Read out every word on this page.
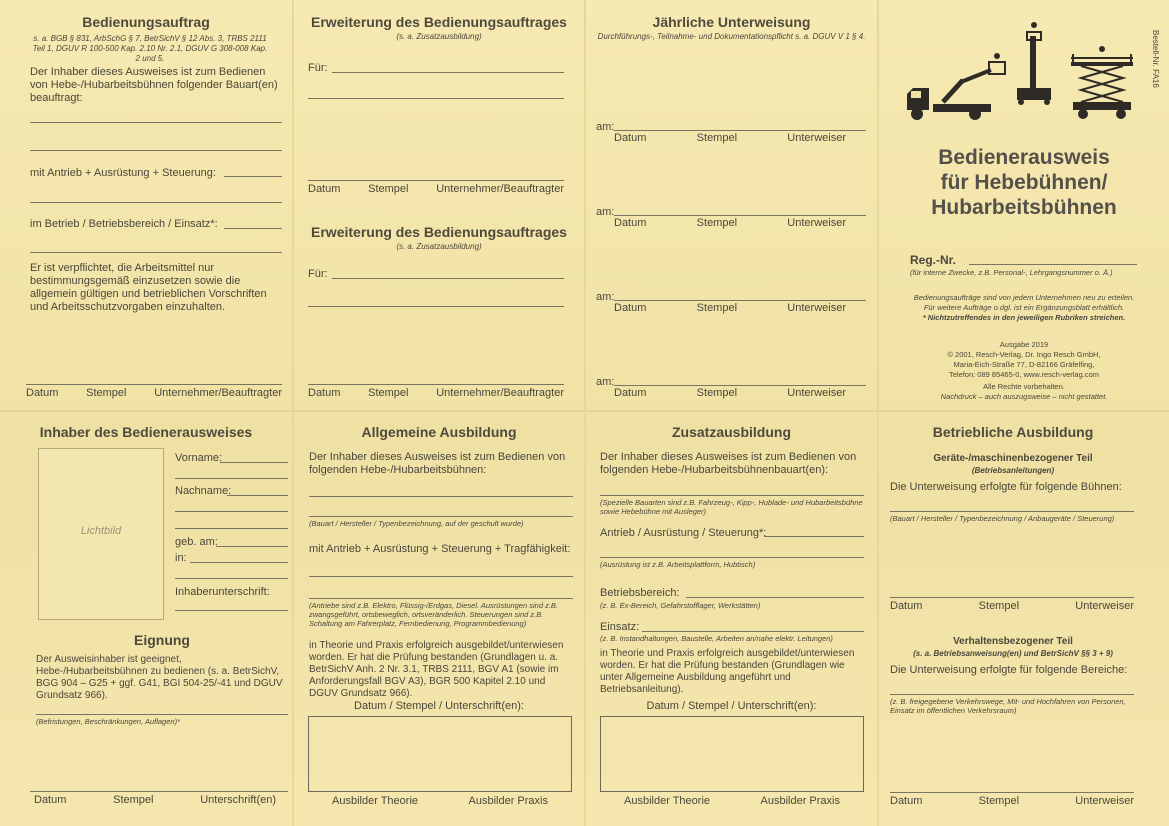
Bedienungsauftrag
s. a. BGB § 831, ArbSchG § 7, BetrSichV § 12 Abs. 3, TRBS 2111 Teil 1, DGUV R 100-500 Kap. 2.10 Nr. 2.1, DGUV G 308-008 Kap. 2 und 5.
Der Inhaber dieses Ausweises ist zum Bedienen von Hebe-/Hubarbeitsbühnen folgender Bauart(en) beauftragt:
mit Antrieb + Ausrüstung + Steuerung:
im Betrieb / Betriebsbereich / Einsatz*:
Er ist verpflichtet, die Arbeitsmittel nur bestimmungsgemäß einzusetzen sowie die allgemein gültigen und betrieblichen Vorschriften und Arbeitsschutzvorgaben einzuhalten.
Datum	Stempel	Unternehmer/Beauftragter
Erweiterung des Bedienungsauftrages
(s. a. Zusatzausbildung)
Für:
Datum	Stempel	Unternehmer/Beauftragter
Erweiterung des Bedienungsauftrages
(s. a. Zusatzausbildung)
Für:
Datum	Stempel	Unternehmer/Beauftragter
Jährliche Unterweisung
Durchführungs-, Teilnahme- und Dokumentationspflicht s. a. DGUV V 1 § 4.
am:
Datum	Stempel	Unterweiser
am:
Datum	Stempel	Unterweiser
am:
Datum	Stempel	Unterweiser
am:
Datum	Stempel	Unterweiser
Bestell-Nr. FA16
Bedienerausweis
für Hebebühnen/
Hubarbeitsbühnen
Reg.-Nr.
(für interne Zwecke, z.B. Personal-, Lehrgangsnummer o. Ä.)
Bedienungsaufträge sind von jedem Unternehmen neu zu erteilen.
Für weitere Aufträge o.dgl. ist ein Ergänzungsblatt erhältlich.
* Nichtzutreffendes in den jeweiligen Rubriken streichen.
Ausgabe 2019
© 2001, Resch-Verlag, Dr. Ingo Resch GmbH,
Maria-Eich-Straße 77, D-82166 Gräfelfing,
Telefon: 089 85465-0, www.resch-verlag.com
Alle Rechte vorbehalten.
Nachdruck – auch auszugsweise – nicht gestattet.
Inhaber des Bedienerausweises
Lichtbild
Vorname:
Nachname:
geb. am:
in:
Inhaberunterschrift:
Eignung
Der Ausweisinhaber ist geeignet, Hebe-/Hubarbeitsbühnen zu bedienen (s. a. BetrSichV, BGG 904 – G25 + ggf. G41, BGI 504-25/-41 und DGUV Grundsatz 966).
(Befristungen, Beschränkungen, Auflagen)*
Datum	Stempel	Unterschrift(en)
Allgemeine Ausbildung
Der Inhaber dieses Ausweises ist zum Bedienen von folgenden Hebe-/Hubarbeitsbühnen:
(Bauart / Hersteller / Typenbezeichnung, auf der geschult wurde)
mit Antrieb + Ausrüstung + Steuerung + Tragfähigkeit:
(Antriebe sind z.B. Elektro, Flüssig-/Erdgas, Diesel. Ausrüstungen sind z.B. zwangsgeführt, ortsbeweglich, ortsveränderlich. Steuerungen sind z.B. Schaltung am Fahrerplatz, Fernbedienung, Programmbedienung)
in Theorie und Praxis erfolgreich ausgebildet/unterwiesen worden. Er hat die Prüfung bestanden (Grundlagen u. a. BetrSichV Anh. 2 Nr. 3.1, TRBS 2111, BGV A1 (sowie im Anforderungsfall BGV A3), BGR 500 Kapitel 2.10 und DGUV Grundsatz 966).
Datum / Stempel / Unterschrift(en):
Ausbilder Theorie	Ausbilder Praxis
Zusatzausbildung
Der Inhaber dieses Ausweises ist zum Bedienen von folgenden Hebe-/Hubarbeitsbühnenbauart(en):
(Spezielle Bauarten sind z.B. Fahrzeug-, Kipp-, Hublade- und Hubarbeitsbühne sowie Hebebühne mit Ausleger)
Antrieb / Ausrüstung / Steuerung*:
(Ausrüstung ist z.B. Arbeitsplattform, Hubtisch)
Betriebsbereich:
(z. B. Ex-Bereich, Gefahrstofflager, Werkstätten)
Einsatz:
(z. B. Instandhaltungen, Baustelle, Arbeiten an/nahe elektr. Leitungen)
in Theorie und Praxis erfolgreich ausgebildet/unterwiesen worden. Er hat die Prüfung bestanden (Grundlagen wie unter Allgemeine Ausbildung angeführt und Betriebsanleitung).
Datum / Stempel / Unterschrift(en):
Ausbilder Theorie	Ausbilder Praxis
Betriebliche Ausbildung
Geräte-/maschinenbezogener Teil
(Betriebsanleitungen)
Die Unterweisung erfolgte für folgende Bühnen:
(Bauart / Hersteller / Typenbezeichnung / Anbaugeräte / Steuerung)
Datum	Stempel	Unterweiser
Verhaltensbezogener Teil
(s. a. Betriebsanweisung(en) und BetrSichV §§ 3 + 9)
Die Unterweisung erfolgte für folgende Bereiche:
(z. B. freigegebene Verkehrswege, Mit- und Hochfahren von Personen, Einsatz im öffentlichen Verkehrsraum)
Datum	Stempel	Unterweiser
